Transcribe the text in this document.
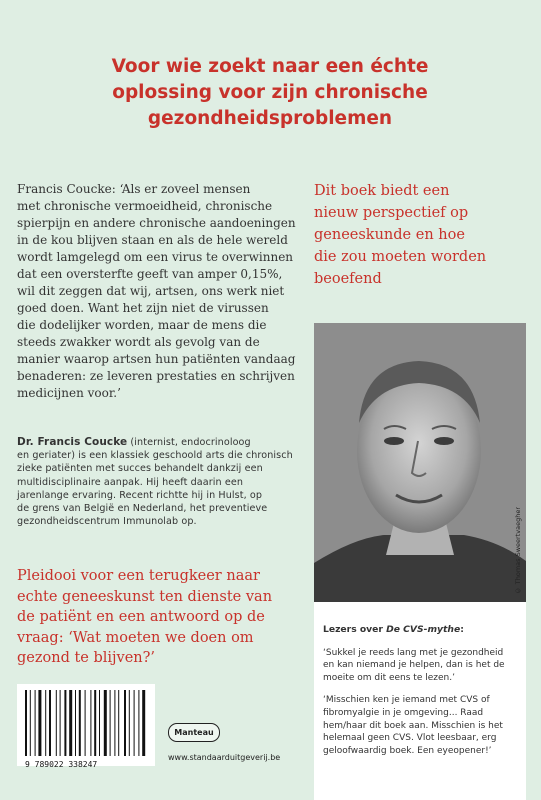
Voor wie zoekt naar een échte
oplossing voor zijn chronische
gezondheidsproblemen
Francis Coucke: ‘Als er zoveel mensen
met chronische vermoeidheid, chronische
spierpijn en andere chronische aandoeningen
in de kou blijven staan en als de hele wereld
wordt lamgelegd om een virus te overwinnen
dat een oversterfte geeft van amper 0,15%,
wil dit zeggen dat wij, artsen, ons werk niet
goed doen. Want het zijn niet de virussen
die dodelijker worden, maar de mens die
steeds zwakker wordt als gevolg van de
manier waarop artsen hun patiënten vandaag
benaderen: ze leveren prestaties en schrijven
medicijnen voor.’
Dr. Francis Coucke (internist, endocrinoloog
en geriater) is een klassiek geschoold arts die chronisch
zieke patiënten met succes behandelt dankzij een
multidisciplinaire aanpak. Hij heeft daarin een
jarenlange ervaring. Recent richtte hij in Hulst, op
de grens van België en Nederland, het preventieve
gezondheidscentrum Immunolab op.
Pleidooi voor een terugkeer naar
echte geneeskunst ten dienste van
de patiënt en een antwoord op de
vraag: ‘Wat moeten we doen om
gezond te blijven?’
Dit boek biedt een
nieuw perspectief op
geneeskunde en hoe
die zou moeten worden
beoefend
© Thomas Sweertvaegher
Lezers over De CVS-mythe:
‘Sukkel je reeds lang met je gezondheid
en kan niemand je helpen, dan is het de
moeite om dit eens te lezen.’
‘Misschien ken je iemand met CVS of
fibromyalgie in je omgeving... Raad
hem/haar dit boek aan. Misschien is het
helemaal geen CVS. Vlot leesbaar, erg
geloofwaardig boek. Een eyeopener!’
9 789022 338247
Manteau
www.standaarduitgeverij.be
